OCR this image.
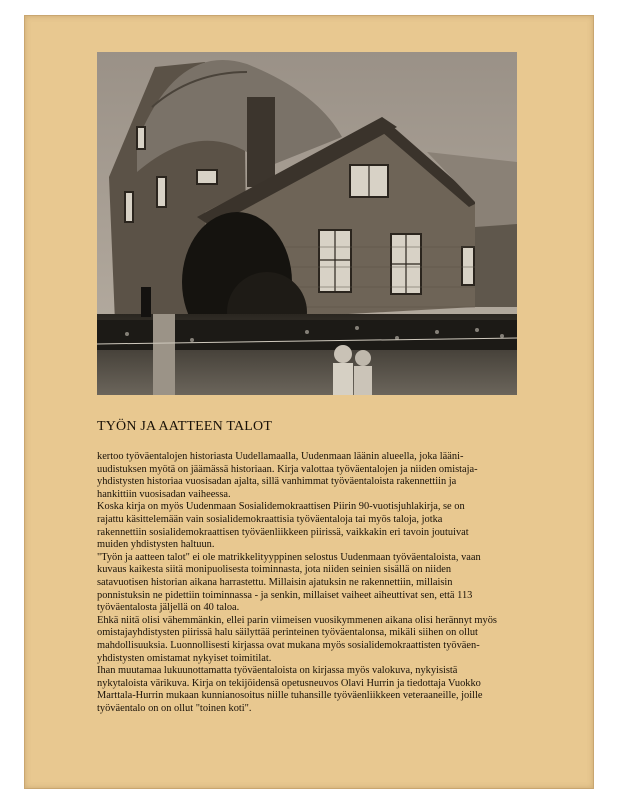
TYÖN JA AATTEEN TALOT
kertoo työväentalojen historiasta Uudellamaalla, Uudenmaan läänin alueella, joka lääni-
uudistuksen myötä on jäämässä historiaan. Kirja valottaa työväentalojen ja niiden omistaja-
yhdistysten historiaa vuosisadan ajalta, sillä vanhimmat työväentaloista rakennettiin ja
hankittiin vuosisadan vaiheessa.
Koska kirja on myös Uudenmaan Sosialidemokraattisen Piirin 90-vuotisjuhlakirja, se on
rajattu käsittelemään vain sosialidemokraattisia työväentaloja tai myös taloja, jotka
rakennettiin sosialidemokraattisen työväenliikkeen piirissä, vaikkakin eri tavoin joutuivat
muiden yhdistysten haltuun.
"Työn ja aatteen talot" ei ole matrikkelityyppinen selostus Uudenmaan työväentaloista, vaan
kuvaus kaikesta siitä monipuolisesta toiminnasta, jota niiden seinien sisällä on niiden
satavuotisen historian aikana harrastettu. Millaisin ajatuksin ne rakennettiin, millaisin
ponnistuksin ne pidettiin toiminnassa - ja senkin, millaiset vaiheet aiheuttivat sen, että 113
työväentalosta jäljellä on 40 taloa.
Ehkä niitä olisi vähemmänkin, ellei parin viimeisen vuosikymmenen aikana olisi herännyt myös
omistajayhdistysten piirissä halu säilyttää perinteinen työväentalonsa, mikäli siihen on ollut
mahdollisuuksia. Luonnollisesti kirjassa ovat mukana myös sosialidemokraattisten työväen-
yhdistysten omistamat nykyiset toimitilat.
Ihan muutamaa lukuunottamatta työväentaloista on kirjassa myös valokuva, nykyisistä
nykytaloista värikuva. Kirja on tekijöidensä opetusneuvos Olavi Hurrin ja tiedottaja Vuokko
Marttala-Hurrin mukaan kunnianosoitus niille tuhansille työväenliikkeen veteraaneille, joille
työväentalo on on ollut "toinen koti".
